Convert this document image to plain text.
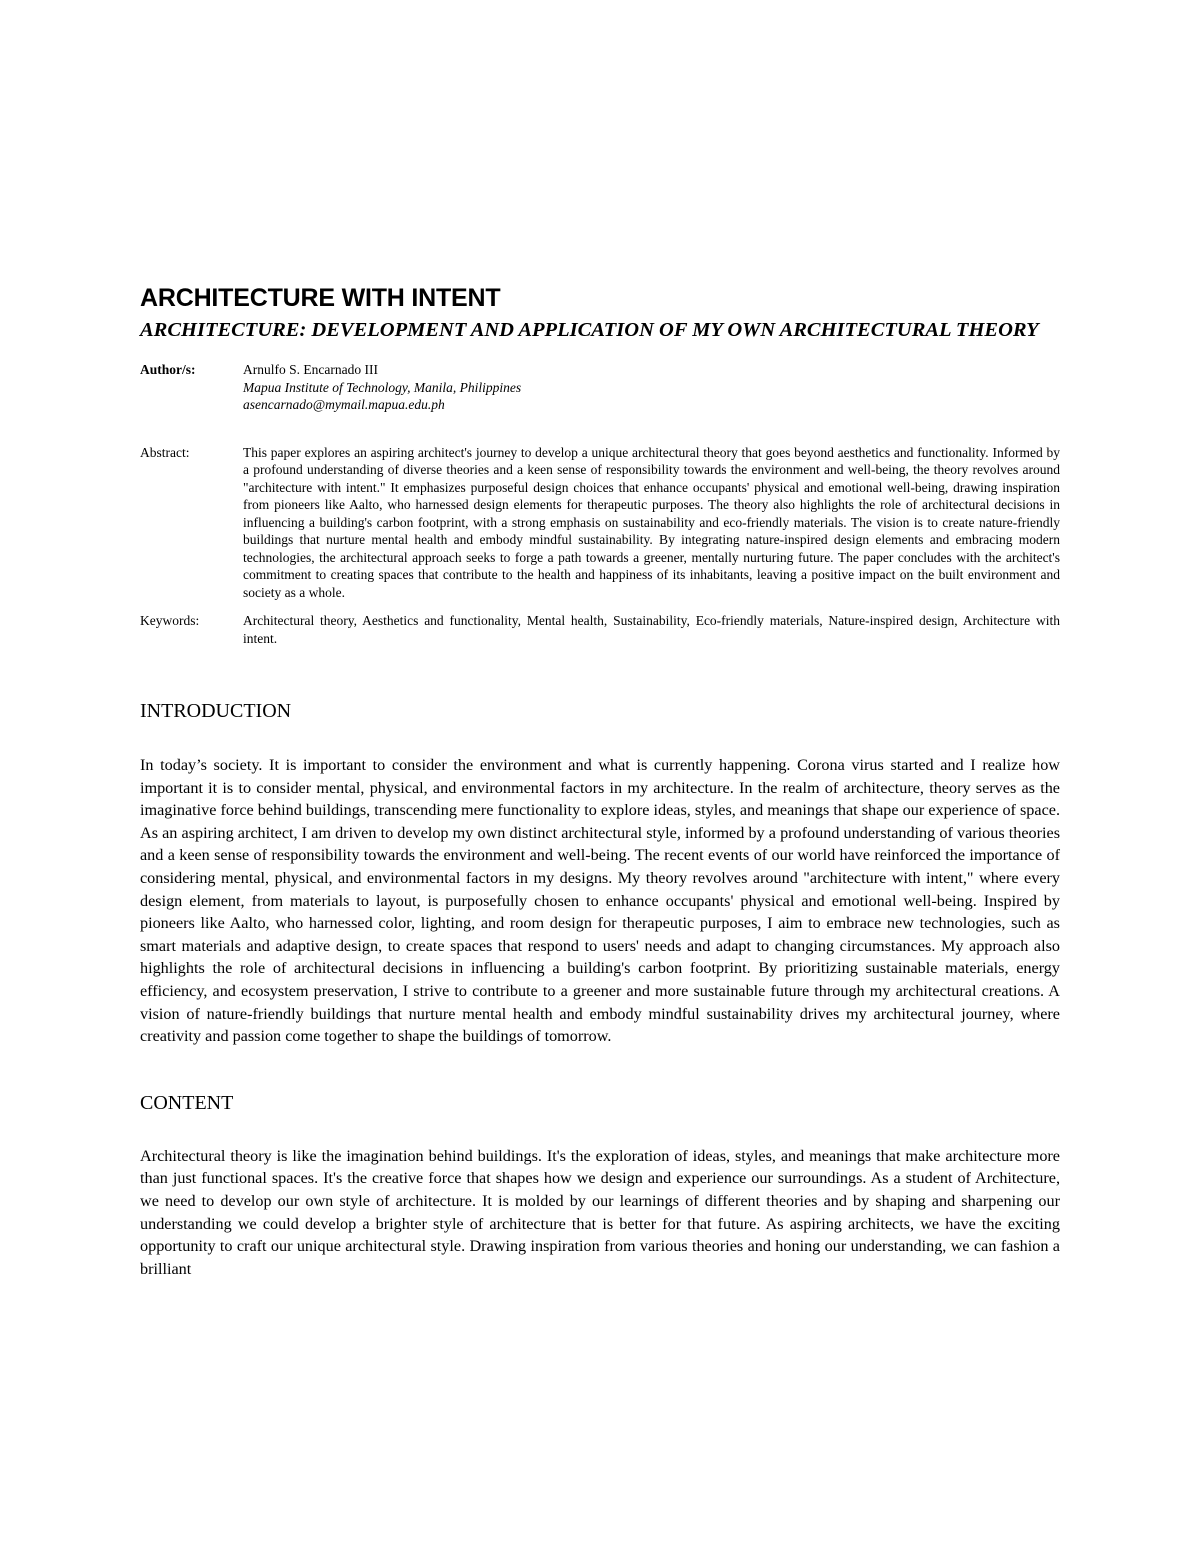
ARCHITECTURE WITH INTENT
ARCHITECTURE: DEVELOPMENT AND APPLICATION OF MY OWN ARCHITECTURAL THEORY
Author/s:	Arnulfo S. Encarnado III
Mapua Institute of Technology, Manila, Philippines
asencarnado@mymail.mapua.edu.ph
Abstract:	This paper explores an aspiring architect's journey to develop a unique architectural theory that goes beyond aesthetics and functionality. Informed by a profound understanding of diverse theories and a keen sense of responsibility towards the environment and well-being, the theory revolves around "architecture with intent." It emphasizes purposeful design choices that enhance occupants' physical and emotional well-being, drawing inspiration from pioneers like Aalto, who harnessed design elements for therapeutic purposes. The theory also highlights the role of architectural decisions in influencing a building's carbon footprint, with a strong emphasis on sustainability and eco-friendly materials. The vision is to create nature-friendly buildings that nurture mental health and embody mindful sustainability. By integrating nature-inspired design elements and embracing modern technologies, the architectural approach seeks to forge a path towards a greener, mentally nurturing future. The paper concludes with the architect's commitment to creating spaces that contribute to the health and happiness of its inhabitants, leaving a positive impact on the built environment and society as a whole.
Keywords:	Architectural theory, Aesthetics and functionality, Mental health, Sustainability, Eco-friendly materials, Nature-inspired design, Architecture with intent.
INTRODUCTION

In today’s society. It is important to consider the environment and what is currently happening. Corona virus started and I realize how important it is to consider mental, physical, and environmental factors in my architecture. In the realm of architecture, theory serves as the imaginative force behind buildings, transcending mere functionality to explore ideas, styles, and meanings that shape our experience of space. As an aspiring architect, I am driven to develop my own distinct architectural style, informed by a profound understanding of various theories and a keen sense of responsibility towards the environment and well-being. The recent events of our world have reinforced the importance of considering mental, physical, and environmental factors in my designs. My theory revolves around "architecture with intent," where every design element, from materials to layout, is purposefully chosen to enhance occupants' physical and emotional well-being. Inspired by pioneers like Aalto, who harnessed color, lighting, and room design for therapeutic purposes, I aim to embrace new technologies, such as smart materials and adaptive design, to create spaces that respond to users' needs and adapt to changing circumstances. My approach also highlights the role of architectural decisions in influencing a building's carbon footprint. By prioritizing sustainable materials, energy efficiency, and ecosystem preservation, I strive to contribute to a greener and more sustainable future through my architectural creations. A vision of nature-friendly buildings that nurture mental health and embody mindful sustainability drives my architectural journey, where creativity and passion come together to shape the buildings of tomorrow.

CONTENT

Architectural theory is like the imagination behind buildings. It's the exploration of ideas, styles, and meanings that make architecture more than just functional spaces. It's the creative force that shapes how we design and experience our surroundings. As a student of Architecture, we need to develop our own style of architecture. It is molded by our learnings of different theories and by shaping and sharpening our understanding we could develop a brighter style of architecture that is better for that future. As aspiring architects, we have the exciting opportunity to craft our unique architectural style. Drawing inspiration from various theories and honing our understanding, we can fashion a brilliant
